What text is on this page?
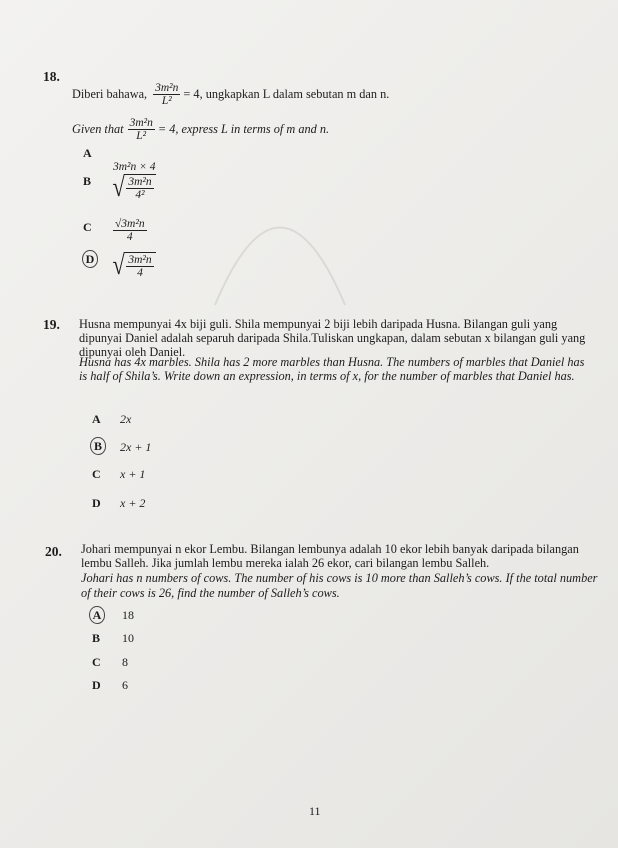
18.
Diberi bahawa, $\frac{\text{3m²n}}{\text{L²}} = 4$ , ungkapkan L dalam sebutan m dan n.
Given that $\frac{\text{3m²n}}{\text{L²}} = 4$, express L in terms of m and n.
A
3m²n × 4
B √ $\frac{\text{3m²n}}{\text{4²}}$
C $\frac{\text{√3m²n}}{4}$
D √ $\frac{\text{3m²n}}{4}$
19. Husna mempunyai 4x biji guli. Shila mempunyai 2 biji lebih daripada Husna. Bilangan guli yang
dipunyai Daniel adalah separuh daripada Shila.Tuliskan ungkapan, dalam sebutan x bilangan guli yang
dipunyai oleh Daniel.
Husna has 4x marbles. Shila has 2 more marbles than Husna. The numbers of marbles that Daniel has
is half of Shila’s. Write down an expression, in terms of x, for the number of marbles that Daniel has.
A 2x
B	2x + 1
C x + 1
D x + 2
20. Johari mempunyai n ekor Lembu. Bilangan lembunya adalah 10 ekor lebih banyak daripada bilangan
lembu Salleh. Jika jumlah lembu mereka ialah 26 ekor, cari bilangan lembu Salleh.
Johari has n numbers of cows. The number of his cows is 10 more than Salleh’s cows. If the total number
of their cows is 26, find the number of Salleh’s cows.
A	18
B 10
C 8
D 6
11
